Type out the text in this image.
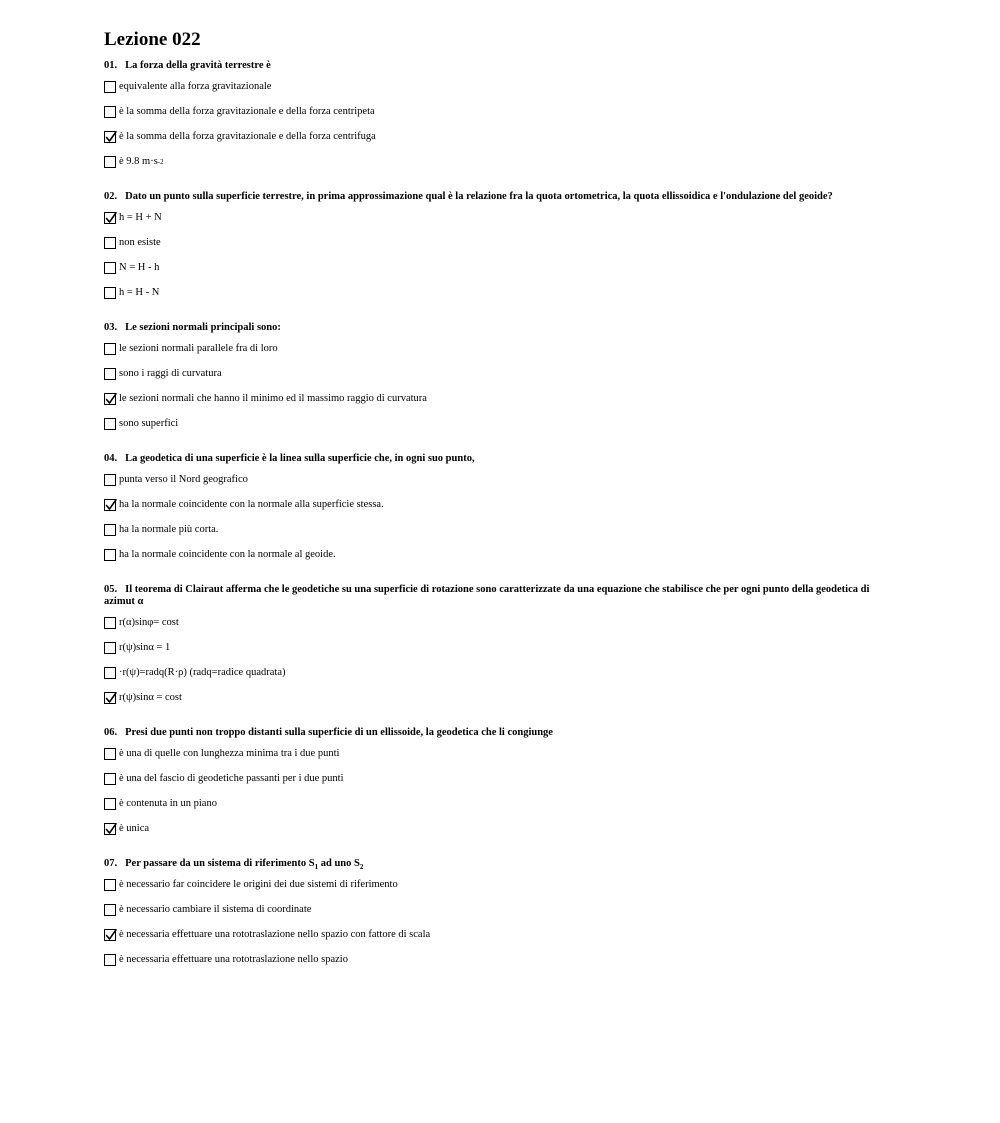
Lezione 022
01. La forza della gravità terrestre è
equivalente alla forza gravitazionale
è la somma della forza gravitazionale e della forza centripeta
è la somma della forza gravitazionale e della forza centrifuga
è 9.8 m·s -2
02. Dato un punto sulla superficie terrestre, in prima approssimazione qual è la relazione fra la quota ortometrica, la quota ellissoidica e l'ondulazione del geoide?
h = H + N
non esiste
N = H - h
h = H - N
03. Le sezioni normali principali sono:
le sezioni normali parallele fra di loro
sono i raggi di curvatura
le sezioni normali che hanno il minimo ed il massimo raggio di curvatura
sono superfici
04. La geodetica di una superficie è la linea sulla superficie che, in ogni suo punto,
punta verso il Nord geografico
ha la normale coincidente con la normale alla superficie stessa.
ha la normale più corta.
ha la normale coincidente con la normale al geoide.
05. Il teorema di Clairaut afferma che le geodetiche su una superficie di rotazione sono caratterizzate da una equazione che stabilisce che per ogni punto della geodetica di azimut α
r(α)sinφ= cost
r(ψ)sinα = 1
·r(ψ)=radq(R·ρ) (radq=radice quadrata)
r(ψ)sinα = cost
06. Presi due punti non troppo distanti sulla superficie di un ellissoide, la geodetica che li congiunge
è una di quelle con lunghezza minima tra i due punti
è una del fascio di geodetiche passanti per i due punti
è contenuta in un piano
è unica
07. Per passare da un sistema di riferimento $S_1$ ad uno $S_2$
è necessario far coincidere le origini dei due sistemi di riferimento
è necessario cambiare il sistema di coordinate
è necessaria effettuare una rototraslazione nello spazio con fattore di scala
è necessaria effettuare una rototraslazione nello spazio
